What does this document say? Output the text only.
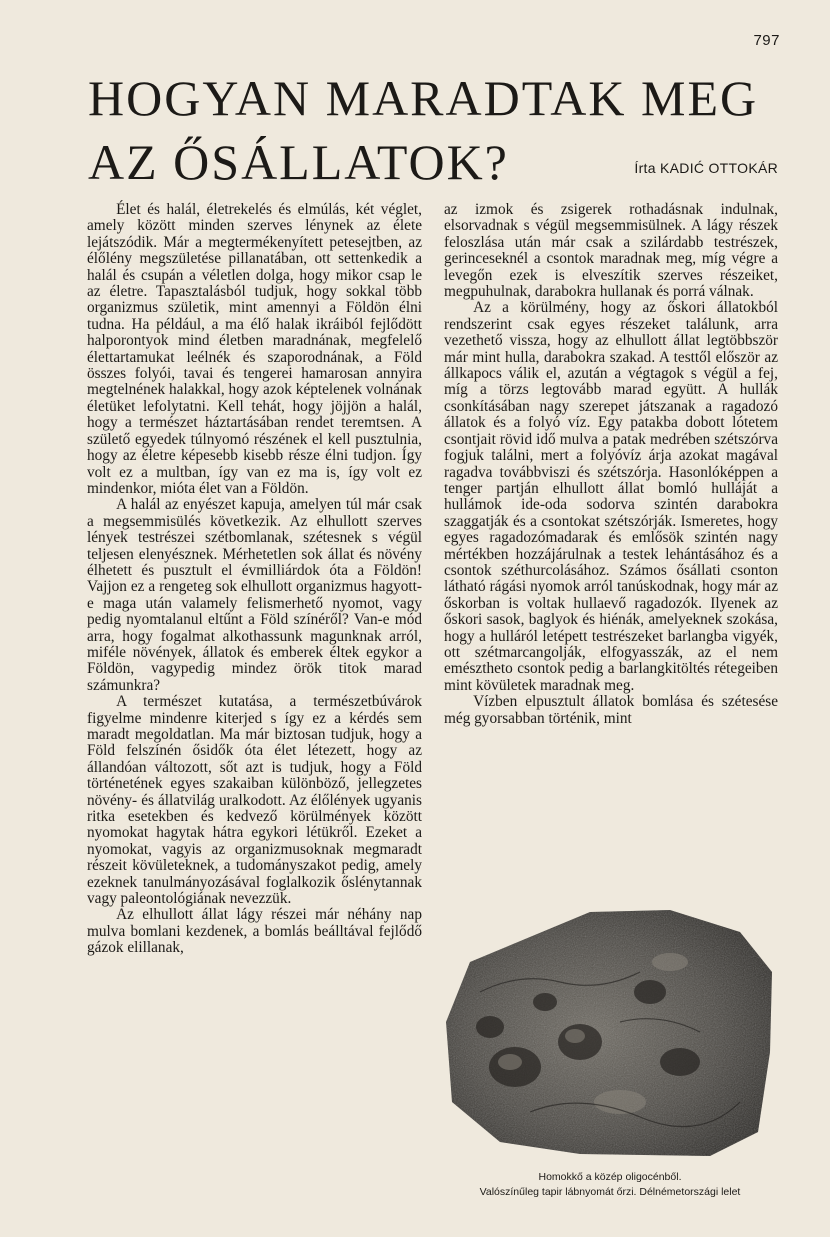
797
HOGYAN MARADTAK MEG
AZ ŐSÁLLATOK?	Írta KADIĆ OTTOKÁR

Élet és halál, életrekelés és elmúlás, két véglet, amely között minden szerves lénynek az élete lejátszódik. Már a megtermékenyített petesejtben, az élőlény megszületése pillanatában, ott settenkedik a halál és csupán a véletlen dolga, hogy mikor csap le az életre. Tapasztalásból tudjuk, hogy sokkal több organizmus születik, mint amennyi a Földön élni tudna. Ha például, a ma élő halak ikráiból fejlődött halporontyok mind életben maradnának, megfelelő élettartamukat leélnék és szaporodnának, a Föld összes folyói, tavai és tengerei hamarosan annyira megtelnének halakkal, hogy azok képtelenek volnának életüket lefolytatni. Kell tehát, hogy jöjjön a halál, hogy a természet háztartásában rendet teremtsen. A születő egyedek túlnyomó részének el kell pusztulnia, hogy az életre képesebb kisebb része élni tudjon. Így volt ez a multban, így van ez ma is, így volt ez mindenkor, mióta élet van a Földön.

A halál az enyészet kapuja, amelyen túl már csak a megsemmisülés következik. Az elhullott szerves lények testrészei szétbomlanak, szétesnek s végül teljesen elenyésznek. Mérhetetlen sok állat és növény élhetett és pusztult el évmilliárdok óta a Földön! Vajjon ez a rengeteg sok elhullott organizmus hagyott-e maga után valamely felismerhető nyomot, vagy pedig nyomtalanul eltűnt a Föld színéről? Van-e mód arra, hogy fogalmat alkothassunk magunknak arról, miféle növények, állatok és emberek éltek egykor a Földön, vagypedig mindez örök titok marad számunkra?

A természet kutatása, a természetbúvárok figyelme mindenre kiterjed s így ez a kérdés sem maradt megoldatlan. Ma már biztosan tudjuk, hogy a Föld felszínén ősidők óta élet létezett, hogy az állandóan változott, sőt azt is tudjuk, hogy a Föld történetének egyes szakaiban különböző, jellegzetes növény- és állatvilág uralkodott. Az élőlények ugyanis ritka esetekben és kedvező körülmények között nyomokat hagytak hátra egykori létükről. Ezeket a nyomokat, vagyis az organizmusoknak megmaradt részeit kövületeknek, a tudományszakot pedig, amely ezeknek tanulmányozásával foglalkozik őslénytannak vagy paleontológiának nevezzük.

Az elhullott állat lágy részei már néhány nap mulva bomlani kezdenek, a bomlás beálltával fejlődő gázok elillanak,

az izmok és zsigerek rothadásnak indulnak, elsorvadnak s végül megsemmisülnek. A lágy részek feloszlása után már csak a szilárdabb testrészek, gerinceseknél a csontok maradnak meg, míg végre a levegőn ezek is elveszítik szerves részeiket, megpuhulnak, darabokra hullanak és porrá válnak.

Az a körülmény, hogy az őskori állatokból rendszerint csak egyes részeket találunk, arra vezethető vissza, hogy az elhullott állat legtöbbször már mint hulla, darabokra szakad. A testtől először az állkapocs válik el, azután a végtagok s végül a fej, míg a törzs legtovább marad együtt. A hullák csonkításában nagy szerepet játszanak a ragadozó állatok és a folyó víz. Egy patakba dobott lótetem csontjait rövid idő mulva a patak medrében szétszórva fogjuk találni, mert a folyóvíz árja azokat magával ragadva továbbviszi és szétszórja. Hasonlóképpen a tenger partján elhullott állat bomló hulláját a hullámok ide-oda sodorva szintén darabokra szaggatják és a csontokat szétszórják. Ismeretes, hogy egyes ragadozómadarak és emlősök szintén nagy mértékben hozzájárulnak a testek lehántásához és a csontok széthurcolásához. Számos ősállati csonton látható rágási nyomok arról tanúskodnak, hogy már az őskorban is voltak hullaevő ragadozók. Ilyenek az őskori sasok, baglyok és hiénák, amelyeknek szokása, hogy a hulláról letépett testrészeket barlangba vigyék, ott szétmarcangolják, elfogyasszák, az el nem emésztheto csontok pedig a barlangkitöltés rétegeiben mint kövületek maradnak meg.

Vízben elpusztult állatok bomlása és szétesése még gyorsabban történik, mint

Homokkő a közép oligocénből.
Valószínűleg tapir lábnyomát őrzi. Délnémetországi lelet
